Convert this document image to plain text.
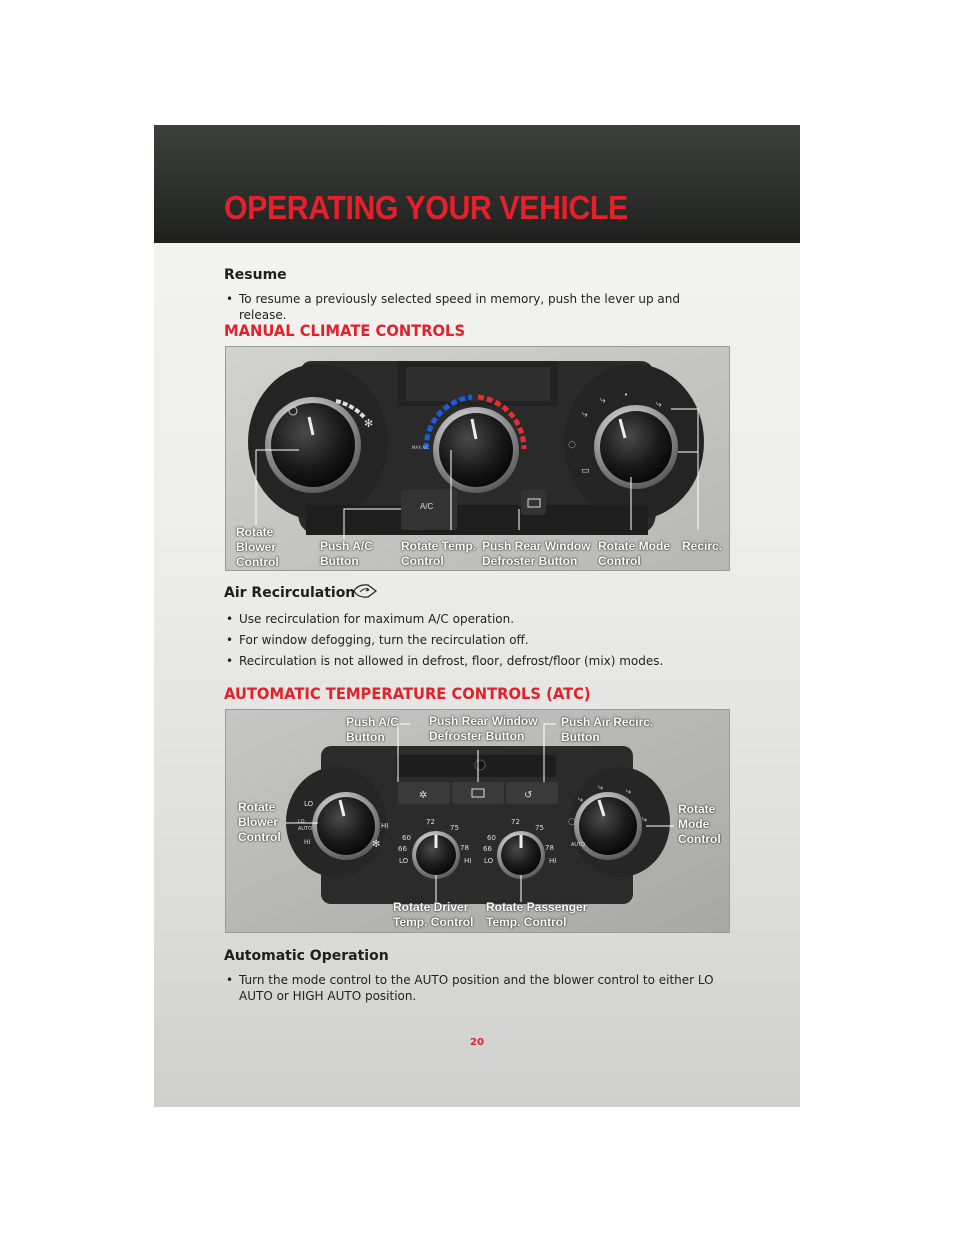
OPERATING YOUR VEHICLE
Resume

• To resume a previously selected speed in memory, push the lever up and release.

MANUAL CLIMATE CONTROLS
A/C
✻
MAX A/C
⤷
⤷	•
⤷
◌
▭

Rotate
Blower
Control

Push A/C
Button

Rotate Temp.
Control

Push Rear Window
Defroster Button

Rotate Mode
Control

Recirc.

Air Recirculation

• Use recirculation for maximum A/C operation.

• For window defogging, turn the recirculation off.

• Recirculation is not allowed in defrost, floor, defrost/floor (mix) modes.

AUTOMATIC TEMPERATURE CONTROLS (ATC)
✲	↺
LO
HI
LO
AUTO
HI	✻
60
72
75
78
66
LO	HI
60
72
75
78
66
LO	HI
AUTO
◌
⤷
⤷	⤷
⤷

Push A/C
Button

Push Rear Window
Defroster Button

Push Air Recirc.
Button

Rotate
Blower
Control

Rotate
Mode
Control

Rotate Driver
Temp. Control

Rotate Passenger
Temp. Control

Automatic Operation

• Turn the mode control to the AUTO position and the blower control to either LO AUTO or HIGH AUTO position.

20
